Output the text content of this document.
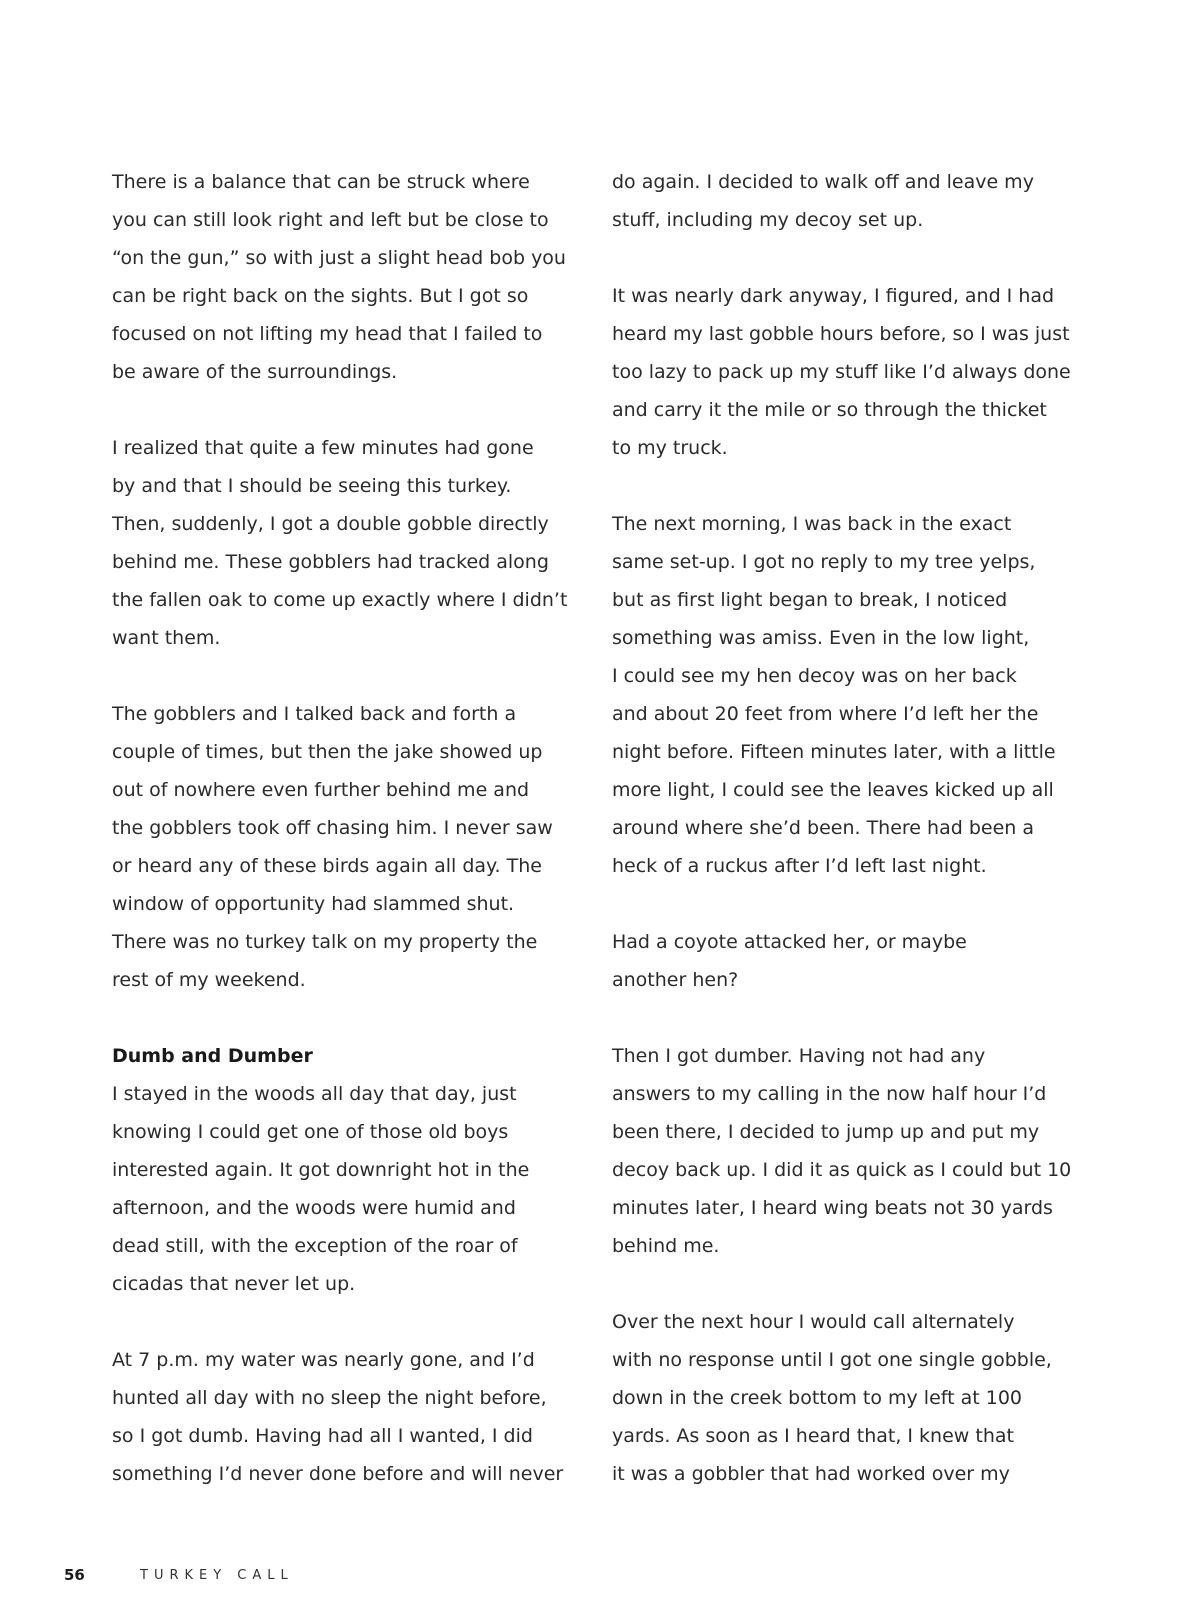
There is a balance that can be struck where
you can still look right and left but be close to
“on the gun,” so with just a slight head bob you
can be right back on the sights. But I got so
focused on not lifting my head that I failed to
be aware of the surroundings.
I realized that quite a few minutes had gone
by and that I should be seeing this turkey.
Then, suddenly, I got a double gobble directly
behind me. These gobblers had tracked along
the fallen oak to come up exactly where I didn’t
want them.
The gobblers and I talked back and forth a
couple of times, but then the jake showed up
out of nowhere even further behind me and
the gobblers took off chasing him. I never saw
or heard any of these birds again all day. The
window of opportunity had slammed shut.
There was no turkey talk on my property the
rest of my weekend.
Dumb and Dumber
I stayed in the woods all day that day, just
knowing I could get one of those old boys
interested again. It got downright hot in the
afternoon, and the woods were humid and
dead still, with the exception of the roar of
cicadas that never let up.
At 7 p.m. my water was nearly gone, and I’d
hunted all day with no sleep the night before,
so I got dumb. Having had all I wanted, I did
something I’d never done before and will never
do again. I decided to walk off and leave my
stuff, including my decoy set up.
It was nearly dark anyway, I figured, and I had
heard my last gobble hours before, so I was just
too lazy to pack up my stuff like I’d always done
and carry it the mile or so through the thicket
to my truck.
The next morning, I was back in the exact
same set-up. I got no reply to my tree yelps,
but as first light began to break, I noticed
something was amiss. Even in the low light,
I could see my hen decoy was on her back
and about 20 feet from where I’d left her the
night before. Fifteen minutes later, with a little
more light, I could see the leaves kicked up all
around where she’d been. There had been a
heck of a ruckus after I’d left last night.
Had a coyote attacked her, or maybe
another hen?
Then I got dumber. Having not had any
answers to my calling in the now half hour I’d
been there, I decided to jump up and put my
decoy back up. I did it as quick as I could but 10
minutes later, I heard wing beats not 30 yards
behind me.
Over the next hour I would call alternately
with no response until I got one single gobble,
down in the creek bottom to my left at 100
yards. As soon as I heard that, I knew that
it was a gobbler that had worked over my
56	TURKEY CALL
